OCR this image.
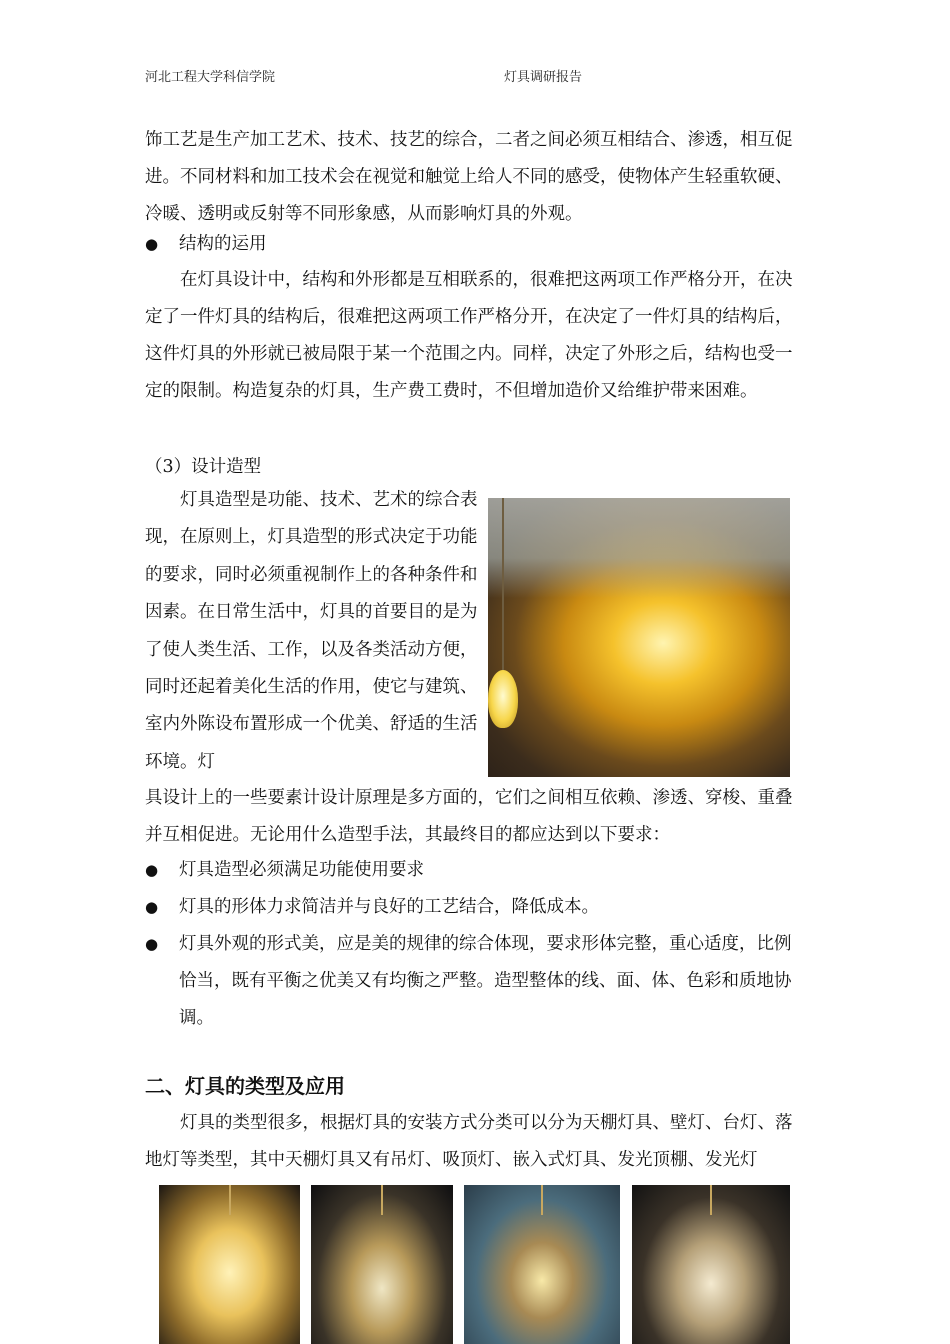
河北工程大学科信学院	灯具调研报告
饰工艺是生产加工艺术、技术、技艺的综合，二者之间必须互相结合、渗透，相互促进。不同材料和加工技术会在视觉和触觉上给人不同的感受，使物体产生轻重软硬、冷暖、透明或反射等不同形象感，从而影响灯具的外观。
● 结构的运用
在灯具设计中，结构和外形都是互相联系的，很难把这两项工作严格分开，在决定了一件灯具的结构后，很难把这两项工作严格分开，在决定了一件灯具的结构后，这件灯具的外形就已被局限于某一个范围之内。同样，决定了外形之后，结构也受一定的限制。构造复杂的灯具，生产费工费时，不但增加造价又给维护带来困难。
（3）设计造型
灯具造型是功能、技术、艺术的综合表现，在原则上，灯具造型的形式决定于功能的要求，同时必须重视制作上的各种条件和因素。在日常生活中，灯具的首要目的是为了使人类生活、工作，以及各类活动方便，同时还起着美化生活的作用，使它与建筑、室内外陈设布置形成一个优美、舒适的生活环境。灯
具设计上的一些要素计设计原理是多方面的，它们之间相互依赖、渗透、穿梭、重叠并互相促进。无论用什么造型手法，其最终目的都应达到以下要求：
●	灯具造型必须满足功能使用要求
●	灯具的形体力求简洁并与良好的工艺结合，降低成本。
●	灯具外观的形式美，应是美的规律的综合体现，要求形体完整，重心适度，比例恰当，既有平衡之优美又有均衡之严整。造型整体的线、面、体、色彩和质地协调。
二、灯具的类型及应用
灯具的类型很多，根据灯具的安装方式分类可以分为天棚灯具、壁灯、台灯、落地灯等类型，其中天棚灯具又有吊灯、吸顶灯、嵌入式灯具、发光顶棚、发光灯
